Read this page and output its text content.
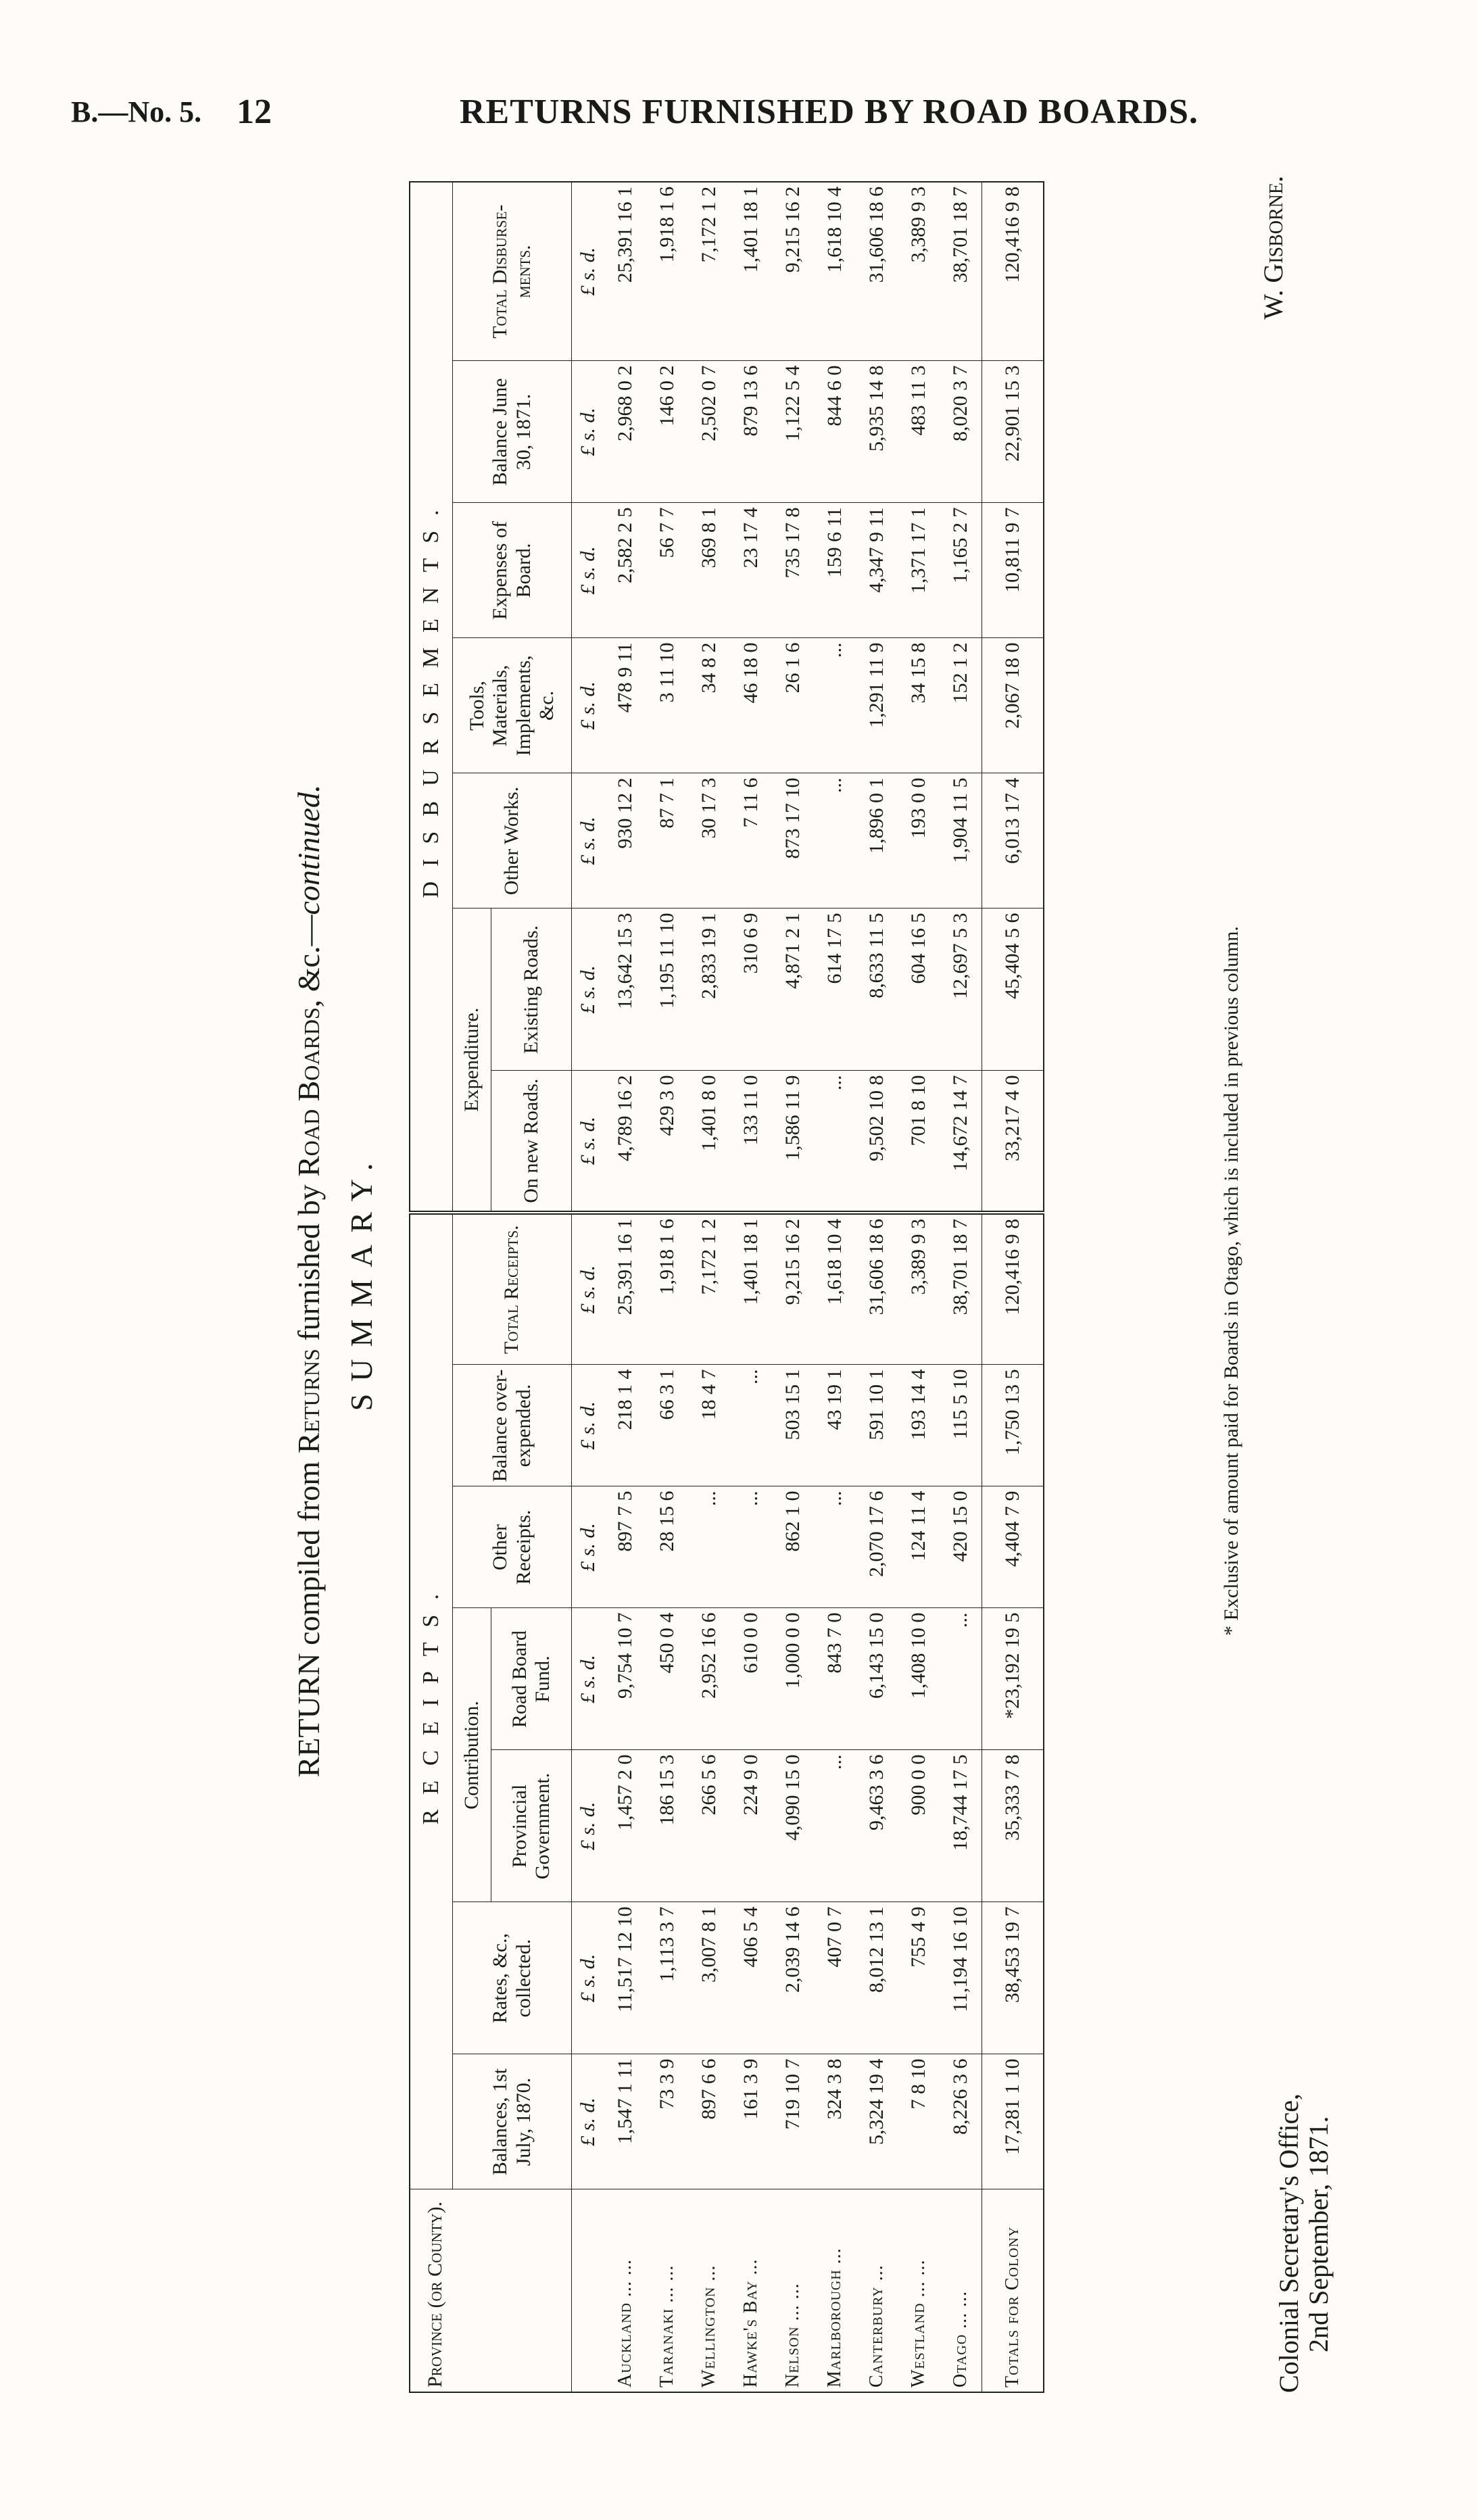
B.—No. 5. 12	RETURNS FURNISHED BY ROAD BOARDS.
RETURN compiled from Returns furnished by Road Boards, &c.—continued.
SUMMARY.
Province (or County).	RECEIPTS.							DISBURSEMENTS.						
	Balances, 1st July, 1870.	Rates, &c., collected.	Contribution.		Other Receipts.	Balance over-expended.	Total Receipts.	Expenditure.		Other Works.	Tools, Materials, Implements, &c.	Expenses of Board.	Balance June 30, 1871.	Total Disburse-ments.
			Provincial Government.	Road Board Fund.				On new Roads.	Existing Roads.					
	£ s. d.	£ s. d.	£ s. d.	£ s. d.	£ s. d.	£ s. d.	£ s. d.	£ s. d.	£ s. d.	£ s. d.	£ s. d.	£ s. d.	£ s. d.	£ s. d.
Auckland ... ...	1,547 1 11	11,517 12 10	1,457 2 0	9,754 10 7	897 7 5	218 1 4	25,391 16 1	4,789 16 2	13,642 15 3	930 12 2	478 9 11	2,582 2 5	2,968 0 2	25,391 16 1
Taranaki ... ...	73 3 9	1,113 3 7	186 15 3	450 0 4	28 15 6	66 3 1	1,918 1 6	429 3 0	1,195 11 10	87 7 1	3 11 10	56 7 7	146 0 2	1,918 1 6
Wellington ...	897 6 6	3,007 8 1	266 5 6	2,952 16 6	...	18 4 7	7,172 1 2	1,401 8 0	2,833 19 1	30 17 3	34 8 2	369 8 1	2,502 0 7	7,172 1 2
Hawke's Bay ...	161 3 9	406 5 4	224 9 0	610 0 0	...	...	1,401 18 1	133 11 0	310 6 9	7 11 6	46 18 0	23 17 4	879 13 6	1,401 18 1
Nelson ... ...	719 10 7	2,039 14 6	4,090 15 0	1,000 0 0	862 1 0	503 15 1	9,215 16 2	1,586 11 9	4,871 2 1	873 17 10	26 1 6	735 17 8	1,122 5 4	9,215 16 2
Marlborough ...	324 3 8	407 0 7	...	843 7 0	...	43 19 1	1,618 10 4	...	614 17 5	...	...	159 6 11	844 6 0	1,618 10 4
Canterbury ...	5,324 19 4	8,012 13 1	9,463 3 6	6,143 15 0	2,070 17 6	591 10 1	31,606 18 6	9,502 10 8	8,633 11 5	1,896 0 1	1,291 11 9	4,347 9 11	5,935 14 8	31,606 18 6
Westland ... ...	7 8 10	755 4 9	900 0 0	1,408 10 0	124 11 4	193 14 4	3,389 9 3	701 8 10	604 16 5	193 0 0	34 15 8	1,371 17 1	483 11 3	3,389 9 3
Otago ... ...	8,226 3 6	11,194 16 10	18,744 17 5	...	420 15 0	115 5 10	38,701 18 7	14,672 14 7	12,697 5 3	1,904 11 5	152 1 2	1,165 2 7	8,020 3 7	38,701 18 7
Totals for Colony	17,281 1 10	38,453 19 7	35,333 7 8	*23,192 19 5	4,404 7 9	1,750 13 5	120,416 9 8	33,217 4 0	45,404 5 6	6,013 17 4	2,067 18 0	10,811 9 7	22,901 15 3	120,416 9 8
* Exclusive of amount paid for Boards in Otago, which is included in previous column.
Colonial Secretary's Office, 2nd September, 1871.
W. Gisborne.
